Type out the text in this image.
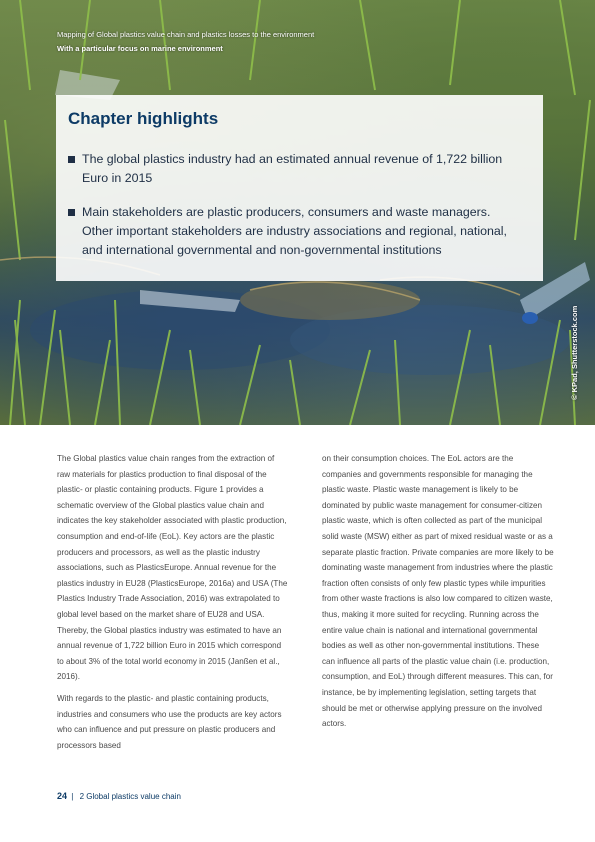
Mapping of Global plastics value chain and plastics losses to the environment
With a particular focus on marine environment
Chapter highlights
The global plastics industry had an estimated annual revenue of 1,722 billion Euro in 2015
Main stakeholders are plastic producers, consumers and waste managers. Other important stakeholders are industry associations and regional, national, and international governmental and non-governmental institutions
© KPad, Shutterstock.com

The Global plastics value chain ranges from the extraction of raw materials for plastics production to final disposal of the plastic- or plastic containing products. Figure 1 provides a schematic overview of the Global plastics value chain and indicates the key stakeholder associated with plastic production, consumption and end-of-life (EoL). Key actors are the plastic producers and processors, as well as the plastic industry associations, such as PlasticsEurope. Annual revenue for the plastics industry in EU28 (PlasticsEurope, 2016a) and USA (The Plastics Industry Trade Association, 2016) was extrapolated to global level based on the market share of EU28 and USA. Thereby, the Global plastics industry was estimated to have an annual revenue of 1,722 billion Euro in 2015 which correspond to about 3% of the total world economy in 2015 (Janßen et al., 2016).

With regards to the plastic- and plastic containing products, industries and consumers who use the products are key actors who can influence and put pressure on plastic producers and processors based

on their consumption choices. The EoL actors are the companies and governments responsible for managing the plastic waste. Plastic waste management is likely to be dominated by public waste management for consumer-citizen plastic waste, which is often collected as part of the municipal solid waste (MSW) either as part of mixed residual waste or as a separate plastic fraction. Private companies are more likely to be dominating waste management from industries where the plastic fraction often consists of only few plastic types while impurities from other waste fractions is also low compared to citizen waste, thus, making it more suited for recycling. Running across the entire value chain is national and international governmental bodies as well as other non-governmental institutions. These can influence all parts of the plastic value chain (i.e. production, consumption, and EoL) through different measures. This can, for instance, be by implementing legislation, setting targets that should be met or otherwise applying pressure on the involved actors.

24 | 2 Global plastics value chain
